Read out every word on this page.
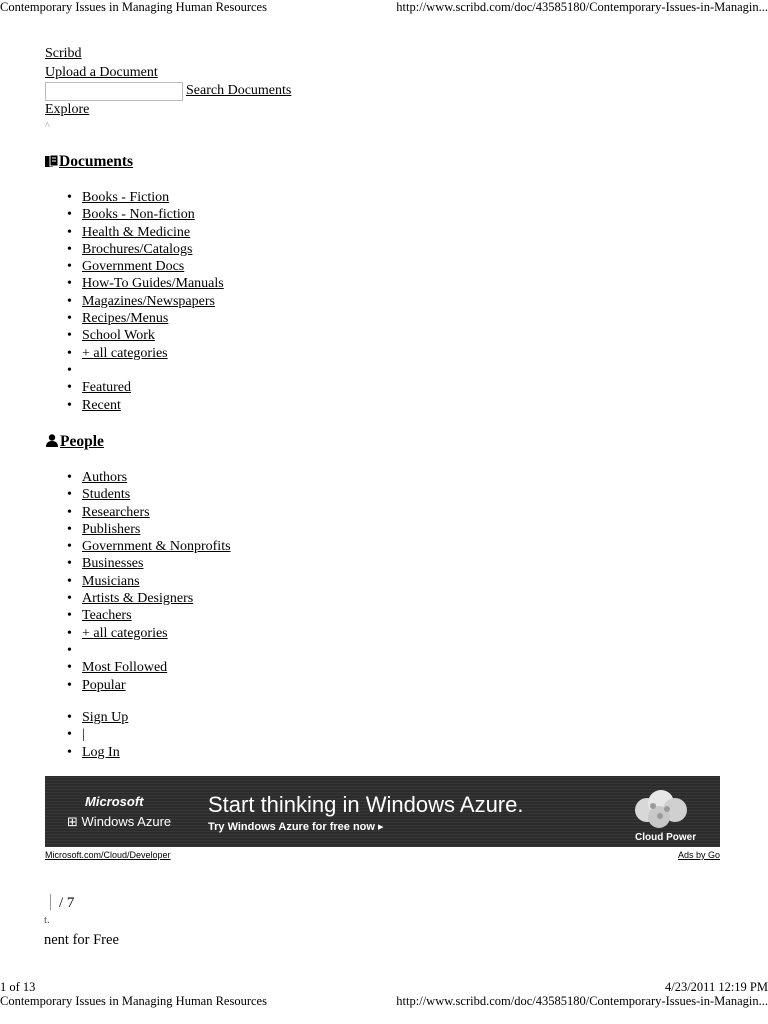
Contemporary Issues in Managing Human Resources	http://www.scribd.com/doc/43585180/Contemporary-Issues-in-Managin...
Scribd
Upload a Document
Search Documents
Explore
^
Documents
• Books - Fiction
• Books - Non-fiction
• Health & Medicine
• Brochures/Catalogs
• Government Docs
• How-To Guides/Manuals
• Magazines/Newspapers
• Recipes/Menus
• School Work
• + all categories
•
• Featured
• Recent
People
• Authors
• Students
• Researchers
• Publishers
• Government & Nonprofits
• Businesses
• Musicians
• Artists & Designers
• Teachers
• + all categories
•
• Most Followed
• Popular
• Sign Up
• |
• Log In
Microsoft
⊞ Windows Azure
Start thinking in Windows Azure.
Try Windows Azure for free now ▸
Cloud Power
Microsoft.com/Cloud/Developer	Ads by Go
/ 7
t.
nent for Free
1 of 13	4/23/2011 12:19 PM
Contemporary Issues in Managing Human Resources	http://www.scribd.com/doc/43585180/Contemporary-Issues-in-Managin...
